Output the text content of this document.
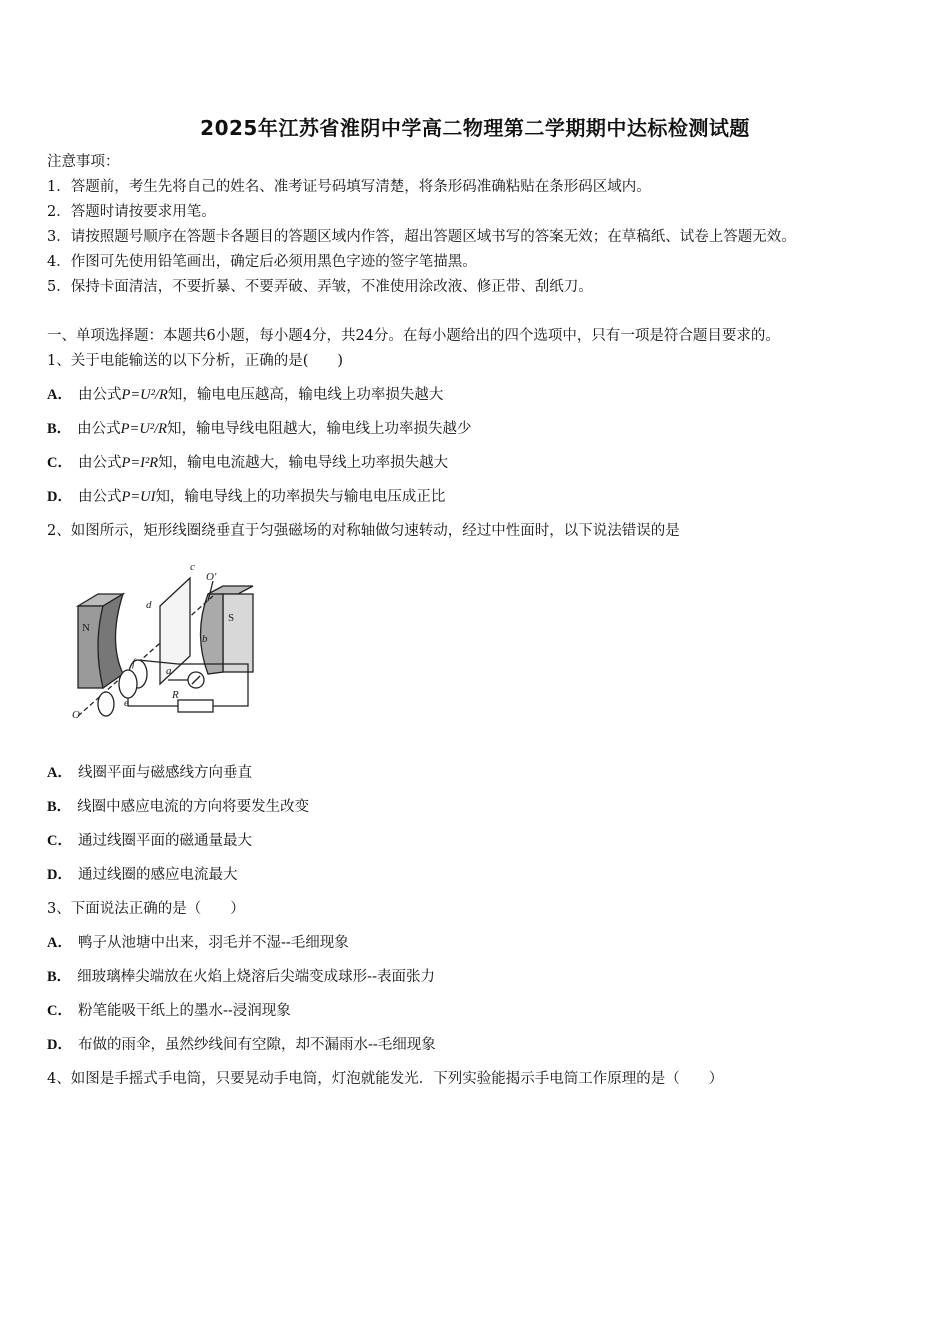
2025年江苏省淮阴中学高二物理第二学期期中达标检测试题
注意事项：
1．答题前，考生先将自己的姓名、准考证号码填写清楚，将条形码准确粘贴在条形码区域内。
2．答题时请按要求用笔。
3．请按照题号顺序在答题卡各题目的答题区域内作答，超出答题区域书写的答案无效；在草稿纸、试卷上答题无效。
4．作图可先使用铅笔画出，确定后必须用黑色字迹的签字笔描黑。
5．保持卡面清洁，不要折暴、不要弄破、弄皱，不准使用涂改液、修正带、刮纸刀。
一、单项选择题：本题共6小题，每小题4分，共24分。在每小题给出的四个选项中，只有一项是符合题目要求的。
1、关于电能输送的以下分析，正确的是(　　)
A． 由公式P=U²/R知，输电电压越高，输电线上功率损失越大
B． 由公式P=U²/R知，输电导线电阻越大，输电线上功率损失越少
C． 由公式P=I²R知，输电电流越大，输电导线上功率损失越大
D． 由公式P=UI知，输电导线上的功率损失与输电电压成正比
2、如图所示，矩形线圈绕垂直于匀强磁场的对称轴做匀速转动，经过中性面时，以下说法错误的是
N
S
a
b
c
d
e
f
O
O′
R
A． 线圈平面与磁感线方向垂直
B． 线圈中感应电流的方向将要发生改变
C． 通过线圈平面的磁通量最大
D． 通过线圈的感应电流最大
3、下面说法正确的是（　　）
A． 鸭子从池塘中出来，羽毛并不湿--毛细现象
B． 细玻璃棒尖端放在火焰上烧溶后尖端变成球形--表面张力
C． 粉笔能吸干纸上的墨水--浸润现象
D． 布做的雨伞，虽然纱线间有空隙，却不漏雨水--毛细现象
4、如图是手摇式手电筒，只要晃动手电筒，灯泡就能发光．下列实验能揭示手电筒工作原理的是（　　）
